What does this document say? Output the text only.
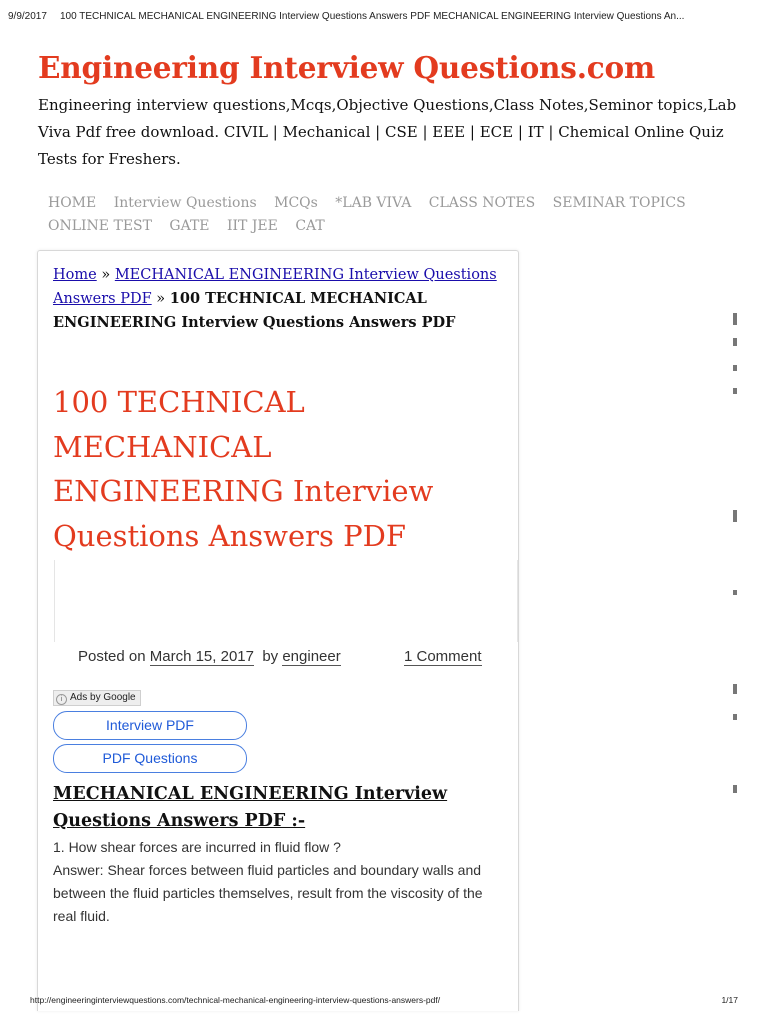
9/9/2017 100 TECHNICAL MECHANICAL ENGINEERING Interview Questions Answers PDF MECHANICAL ENGINEERING Interview Questions An...
Engineering Interview Questions.com

Engineering interview questions,Mcqs,Objective Questions,Class Notes,Seminor topics,Lab Viva Pdf free download. CIVIL | Mechanical | CSE | EEE | ECE | IT | Chemical Online Quiz Tests for Freshers.

HOME Interview Questions MCQs *LAB VIVA CLASS NOTES SEMINAR TOPICS ONLINE TEST GATE IIT JEE CAT
Home » MECHANICAL ENGINEERING Interview Questions Answers PDF » 100 TECHNICAL MECHANICAL ENGINEERING Interview Questions Answers PDF
100 TECHNICAL MECHANICAL ENGINEERING Interview Questions Answers PDF
Posted on March 15, 2017 by engineer	1 Comment
i Ads by Google
Interview PDF
PDF Questions
MECHANICAL ENGINEERING Interview Questions Answers PDF :-
1. How shear forces are incurred in fluid flow ?
Answer: Shear forces between fluid particles and boundary walls and between the fluid particles themselves, result from the viscosity of the real fluid.
http://engineeringinterviewquestions.com/technical-mechanical-engineering-interview-questions-answers-pdf/	1/17
